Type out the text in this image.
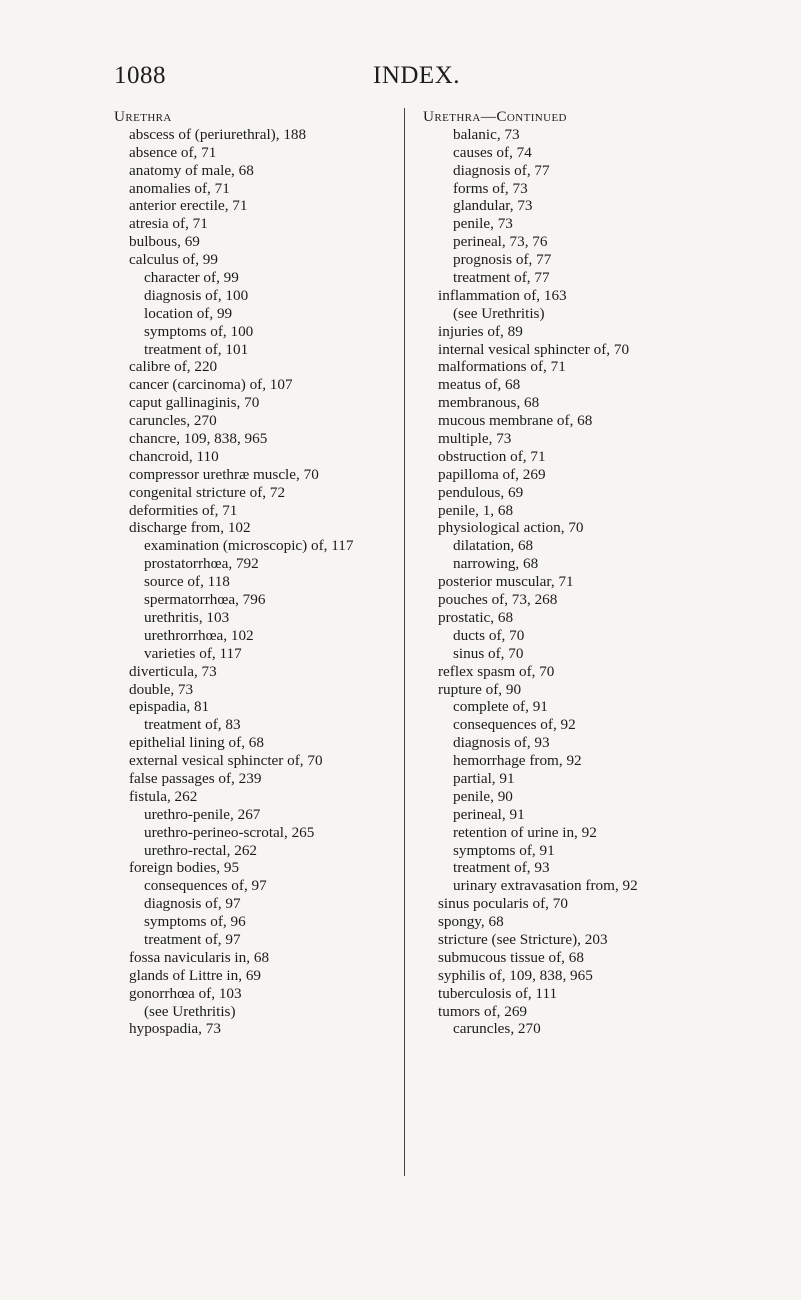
1088	INDEX.
Urethra
abscess of (periurethral), 188
absence of, 71
anatomy of male, 68
anomalies of, 71
anterior erectile, 71
atresia of, 71
bulbous, 69
calculus of, 99
character of, 99
diagnosis of, 100
location of, 99
symptoms of, 100
treatment of, 101
calibre of, 220
cancer (carcinoma) of, 107
caput gallinaginis, 70
caruncles, 270
chancre, 109, 838, 965
chancroid, 110
compressor urethræ muscle, 70
congenital stricture of, 72
deformities of, 71
discharge from, 102
examination (microscopic) of, 117
prostatorrhœa, 792
source of, 118
spermatorrhœa, 796
urethritis, 103
urethrorrhœa, 102
varieties of, 117
diverticula, 73
double, 73
epispadia, 81
treatment of, 83
epithelial lining of, 68
external vesical sphincter of, 70
false passages of, 239
fistula, 262
urethro-penile, 267
urethro-perineo-scrotal, 265
urethro-rectal, 262
foreign bodies, 95
consequences of, 97
diagnosis of, 97
symptoms of, 96
treatment of, 97
fossa navicularis in, 68
glands of Littre in, 69
gonorrhœa of, 103
(see Urethritis)
hypospadia, 73
Urethra—Continued
balanic, 73
causes of, 74
diagnosis of, 77
forms of, 73
glandular, 73
penile, 73
perineal, 73, 76
prognosis of, 77
treatment of, 77
inflammation of, 163
(see Urethritis)
injuries of, 89
internal vesical sphincter of, 70
malformations of, 71
meatus of, 68
membranous, 68
mucous membrane of, 68
multiple, 73
obstruction of, 71
papilloma of, 269
pendulous, 69
penile, 1, 68
physiological action, 70
dilatation, 68
narrowing, 68
posterior muscular, 71
pouches of, 73, 268
prostatic, 68
ducts of, 70
sinus of, 70
reflex spasm of, 70
rupture of, 90
complete of, 91
consequences of, 92
diagnosis of, 93
hemorrhage from, 92
partial, 91
penile, 90
perineal, 91
retention of urine in, 92
symptoms of, 91
treatment of, 93
urinary extravasation from, 92
sinus pocularis of, 70
spongy, 68
stricture (see Stricture), 203
submucous tissue of, 68
syphilis of, 109, 838, 965
tuberculosis of, 111
tumors of, 269
caruncles, 270
